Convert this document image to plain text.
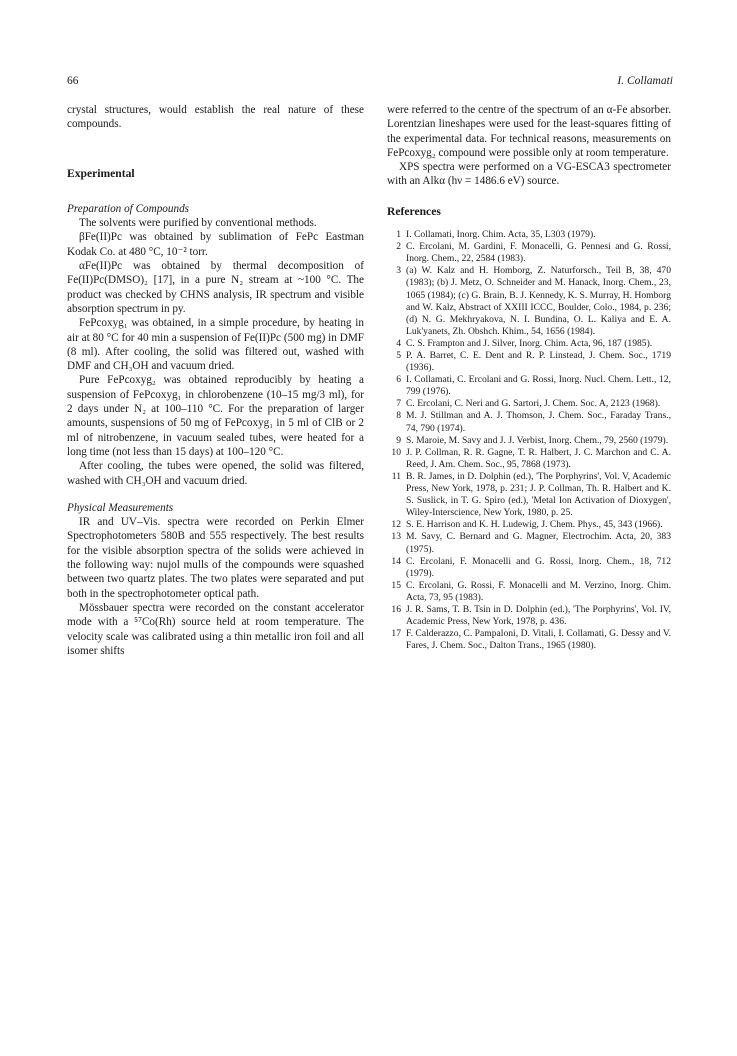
66	I. Collamati

crystal structures, would establish the real nature of these compounds.

Experimental
Preparation of Compounds

The solvents were purified by conventional methods.

βFe(II)Pc was obtained by sublimation of FePc Eastman Kodak Co. at 480 °C, 10⁻² torr.

αFe(II)Pc was obtained by thermal decomposition of Fe(II)Pc(DMSO)₂ [17], in a pure N₂ stream at ~100 °C. The product was checked by CHNS analysis, IR spectrum and visible absorption spectrum in py.

FePcoxyg₁ was obtained, in a simple procedure, by heating in air at 80 °C for 40 min a suspension of Fe(II)Pc (500 mg) in DMF (8 ml). After cooling, the solid was filtered out, washed with DMF and CH₃OH and vacuum dried.

Pure FePcoxyg₂ was obtained reproducibly by heating a suspension of FePcoxyg₁ in chlorobenzene (10–15 mg/3 ml), for 2 days under N₂ at 100–110 °C. For the preparation of larger amounts, suspensions of 50 mg of FePcoxyg₁ in 5 ml of ClB or 2 ml of nitrobenzene, in vacuum sealed tubes, were heated for a long time (not less than 15 days) at 100–120 °C.

After cooling, the tubes were opened, the solid was filtered, washed with CH₃OH and vacuum dried.

Physical Measurements

IR and UV–Vis. spectra were recorded on Perkin Elmer Spectrophotometers 580B and 555 respectively. The best results for the visible absorption spectra of the solids were achieved in the following way: nujol mulls of the compounds were squashed between two quartz plates. The two plates were separated and put both in the spectrophotometer optical path.

Mössbauer spectra were recorded on the constant accelerator mode with a ⁵⁷Co(Rh) source held at room temperature. The velocity scale was calibrated using a thin metallic iron foil and all isomer shifts

were referred to the centre of the spectrum of an α-Fe absorber. Lorentzian lineshapes were used for the least-squares fitting of the experimental data. For technical reasons, measurements on FePcoxyg₂ compound were possible only at room temperature.

XPS spectra were performed on a VG-ESCA3 spectrometer with an Alkα (hν = 1486.6 eV) source.

References
1 I. Collamati, Inorg. Chim. Acta, 35, L303 (1979).
2 C. Ercolani, M. Gardini, F. Monacelli, G. Pennesi and G. Rossi, Inorg. Chem., 22, 2584 (1983).
3 (a) W. Kalz and H. Homborg, Z. Naturforsch., Teil B, 38, 470 (1983); (b) J. Metz, O. Schneider and M. Hanack, Inorg. Chem., 23, 1065 (1984); (c) G. Brain, B. J. Kennedy, K. S. Murray, H. Homborg and W. Kalz, Abstract of XXIII ICCC, Boulder, Colo., 1984, p. 236; (d) N. G. Mekhryakova, N. I. Bundina, O. L. Kaliya and E. A. Luk'yanets, Zh. Obshch. Khim., 54, 1656 (1984).
4 C. S. Frampton and J. Silver, Inorg. Chim. Acta, 96, 187 (1985).
5 P. A. Barret, C. E. Dent and R. P. Linstead, J. Chem. Soc., 1719 (1936).
6 I. Collamati, C. Ercolani and G. Rossi, Inorg. Nucl. Chem. Lett., 12, 799 (1976).
7 C. Ercolani, C. Neri and G. Sartori, J. Chem. Soc. A, 2123 (1968).
8 M. J. Stillman and A. J. Thomson, J. Chem. Soc., Faraday Trans., 74, 790 (1974).
9 S. Maroie, M. Savy and J. J. Verbist, Inorg. Chem., 79, 2560 (1979).
10 J. P. Collman, R. R. Gagne, T. R. Halbert, J. C. Marchon and C. A. Reed, J. Am. Chem. Soc., 95, 7868 (1973).
11 B. R. James, in D. Dolphin (ed.), 'The Porphyrins', Vol. V, Academic Press, New York, 1978, p. 231; J. P. Collman, Th. R. Halbert and K. S. Suslick, in T. G. Spiro (ed.), 'Metal Ion Activation of Dioxygen', Wiley-Interscience, New York, 1980, p. 25.
12 S. E. Harrison and K. H. Ludewig, J. Chem. Phys., 45, 343 (1966).
13 M. Savy, C. Bernard and G. Magner, Electrochim. Acta, 20, 383 (1975).
14 C. Ercolani, F. Monacelli and G. Rossi, Inorg. Chem., 18, 712 (1979).
15 C. Ercolani, G. Rossi, F. Monacelli and M. Verzino, Inorg. Chim. Acta, 73, 95 (1983).
16 J. R. Sams, T. B. Tsin in D. Dolphin (ed.), 'The Porphyrins', Vol. IV, Academic Press, New York, 1978, p. 436.
17 F. Calderazzo, C. Pampaloni, D. Vitali, I. Collamati, G. Dessy and V. Fares, J. Chem. Soc., Dalton Trans., 1965 (1980).
